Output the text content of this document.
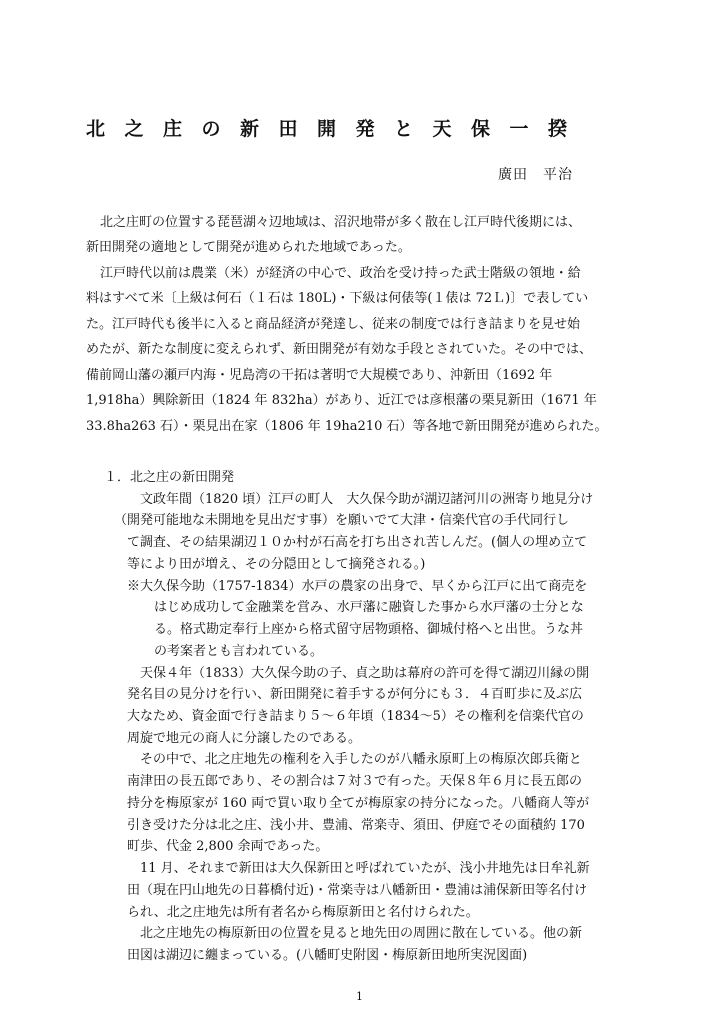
北之庄の新田開発と天保一揆
廣田　平治
北之庄町の位置する琵琶湖々辺地域は、沼沢地帯が多く散在し江戸時代後期には、
新田開発の適地として開発が進められた地域であった。
江戸時代以前は農業（米）が経済の中心で、政治を受け持った武士階級の領地・給
料はすべて米〔上級は何石（１石は 180L)・下級は何俵等(１俵は 72Ｌ)〕で表してい
た。江戸時代も後半に入ると商品経済が発達し、従来の制度では行き詰まりを見せ始
めたが、新たな制度に変えられず、新田開発が有効な手段とされていた。その中では、
備前岡山藩の瀬戸内海・児島湾の干拓は著明で大規模であり、沖新田（1692 年
1,918ha）興除新田（1824 年 832ha）があり、近江では彦根藩の栗見新田（1671 年
33.8ha263 石）・栗見出在家（1806 年 19ha210 石）等各地で新田開発が進められた。
１．北之庄の新田開発
文政年間（1820 頃）江戸の町人　大久保今助が湖辺諸河川の洲寄り地見分け
（開発可能地な未開地を見出だす事）を願いでて大津・信楽代官の手代同行し
て調査、その結果湖辺１０か村が石高を打ち出され苦しんだ。(個人の埋め立て
等により田が増え、その分隠田として摘発される。)
※大久保今助（1757-1834）水戸の農家の出身で、早くから江戸に出て商売を
はじめ成功して金融業を営み、水戸藩に融資した事から水戸藩の士分とな
る。格式勘定奉行上座から格式留守居物頭格、御城付格へと出世。うな丼
の考案者とも言われている。
天保４年（1833）大久保今助の子、貞之助は幕府の許可を得て湖辺川縁の開
発名目の見分けを行い、新田開発に着手するが何分にも３．４百町歩に及ぶ広
大なため、資金面で行き詰まり５～６年頃（1834～5）その権利を信楽代官の
周旋で地元の商人に分譲したのである。
その中で、北之庄地先の権利を入手したのが八幡永原町上の梅原次郎兵衛と
南津田の長五郎であり、その割合は７対３で有った。天保８年６月に長五郎の
持分を梅原家が 160 両で買い取り全てが梅原家の持分になった。八幡商人等が
引き受けた分は北之庄、浅小井、豊浦、常楽寺、須田、伊庭でその面積約 170
町歩、代金 2,800 余両であった。
11 月、それまで新田は大久保新田と呼ばれていたが、浅小井地先は日牟礼新
田（現在円山地先の日暮橋付近)・常楽寺は八幡新田・豊浦は浦保新田等名付け
られ、北之庄地先は所有者名から梅原新田と名付けられた。
北之庄地先の梅原新田の位置を見ると地先田の周囲に散在している。他の新
田図は湖辺に纏まっている。(八幡町史附図・梅原新田地所実況図面)
1
